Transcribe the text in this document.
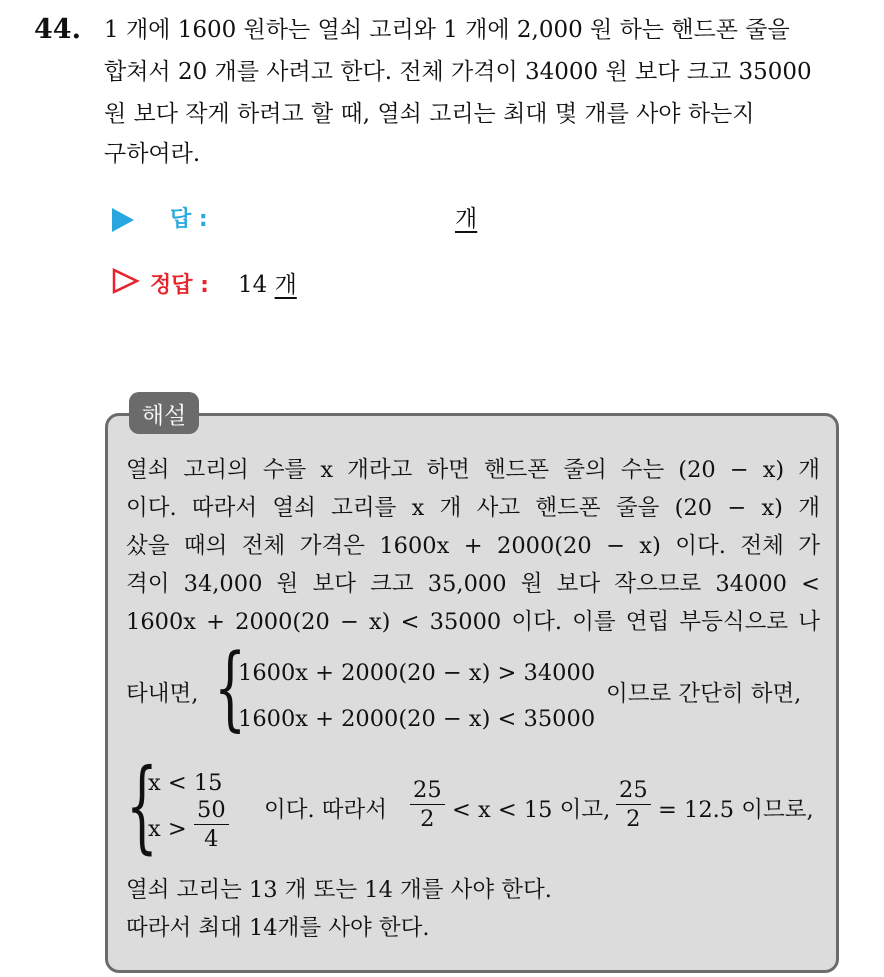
44. 1 개에 1600 원하는 열쇠 고리와 1 개에 2,000 원 하는 핸드폰 줄을
합쳐서 20 개를 사려고 한다. 전체 가격이 34000 원 보다 크고 35000
원 보다 작게 하려고 할 때, 열쇠 고리는 최대 몇 개를 사야 하는지
구하여라.
답 :	개
정답 : 14 개
해설
열쇠 고리의 수를 x 개라고 하면 핸드폰 줄의 수는 (20 − x) 개
이다. 따라서 열쇠 고리를 x 개 사고 핸드폰 줄을 (20 − x) 개
샀을 때의 전체 가격은 1600x + 2000(20 − x) 이다. 전체 가
격이 34,000 원 보다 크고 35,000 원 보다 작으므로 34000 <
1600x + 2000(20 − x) < 35000 이다. 이를 연립 부등식으로 나
타내면, {
1600x + 2000(20 − x) > 34000
1600x + 2000(20 − x) < 35000
이므로 간단히 하면,
{
x < 15
$x > \frac{50}{4}$ 이다. 따라서 $\frac{25}{2} < x < 15$ 이고, $\frac{25}{2} = 12.5$ 이므로,
열쇠 고리는 13 개 또는 14 개를 사야 한다.
따라서 최대 14개를 사야 한다.
